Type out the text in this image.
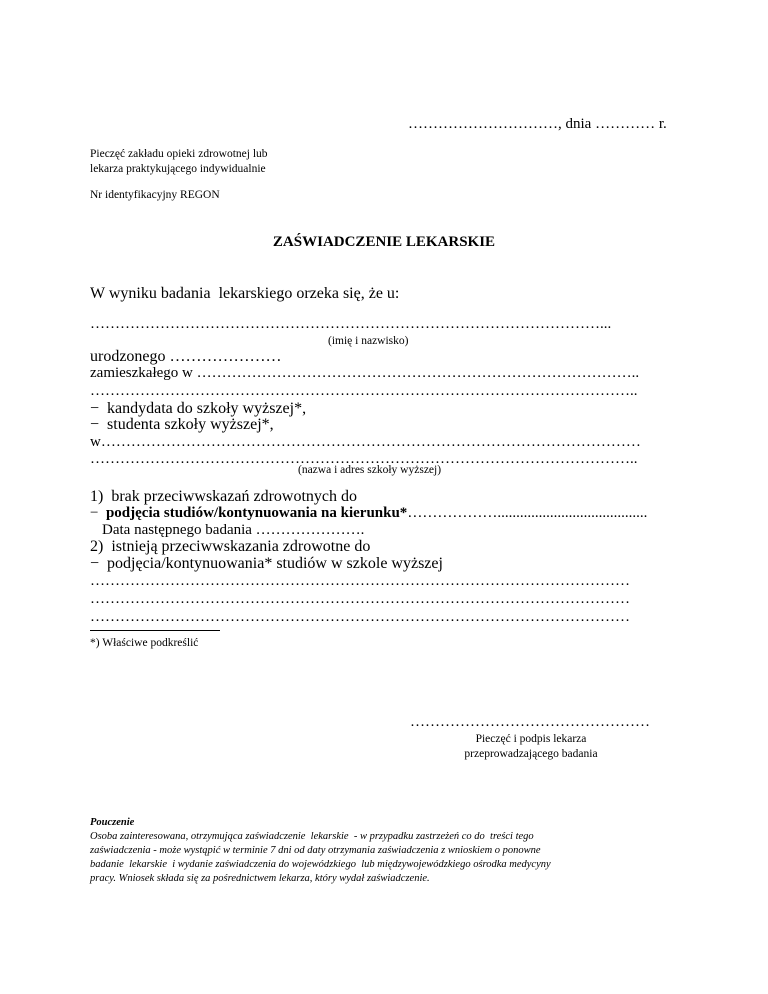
…………………………, dnia ………… r.
Pieczęć zakładu opieki zdrowotnej lub
lekarza praktykującego indywidualnie
Nr identyfikacyjny REGON
ZAŚWIADCZENIE LEKARSKIE
W wyniku badania  lekarskiego orzeka się, że u:
…………………………………………………………………………………………...
(imię i nazwisko)
urodzonego …………………
zamieszkałego w ……………………………………………………………………………..
………………………………………………………………………………………………..
−  kandydata do szkoły wyższej*,
−  studenta szkoły wyższej*,
w………………………………………………………………………………………………
………………………………………………………………………………………………..
(nazwa i adres szkoły wyższej)
1)  brak przeciwwskazań zdrowotnych do
−  podjęcia studiów/kontynuowania na kierunku*………………........................................
Data następnego badania ………………….
2)  istnieją przeciwwskazania zdrowotne do
−  podjęcia/kontynuowania* studiów w szkole wyższej
………………………………………………………………………………………………
………………………………………………………………………………………………
………………………………………………………………………………………………
*) Właściwe podkreślić
…………………………………………
Pieczęć i podpis lekarza
przeprowadzającego badania
Pouczenie
Osoba zainteresowana, otrzymująca zaświadczenie  lekarskie  - w przypadku zastrzeżeń co do  treści tego
zaświadczenia - może wystąpić w terminie 7 dni od daty otrzymania zaświadczenia z wnioskiem o ponowne
badanie  lekarskie  i wydanie zaświadczenia do wojewódzkiego  lub międzywojewódzkiego ośrodka medycyny
pracy. Wniosek składa się za pośrednictwem lekarza, który wydał zaświadczenie.
